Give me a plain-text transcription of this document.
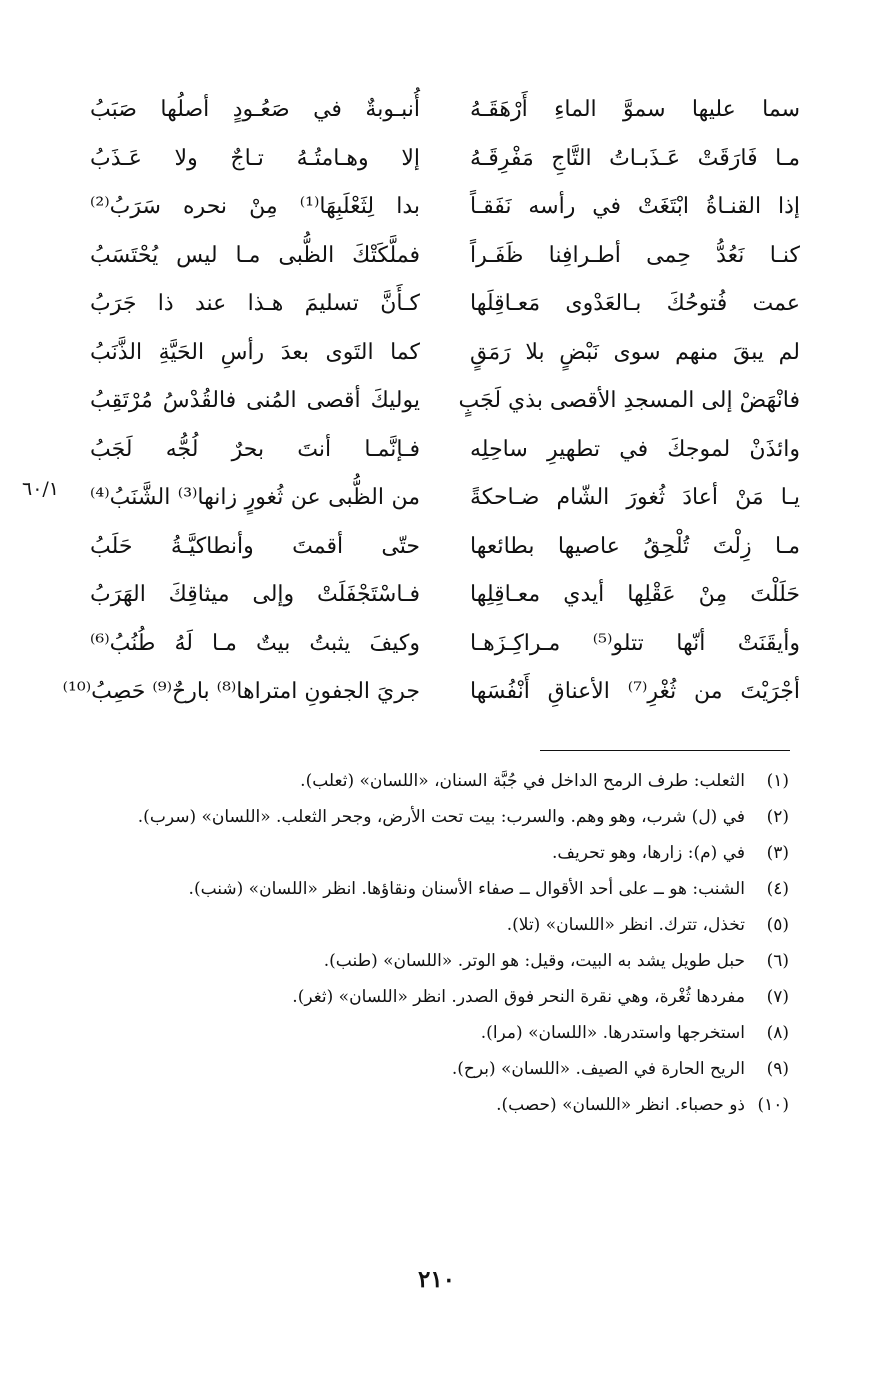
سما عليها سموَّ الماءِ أَرْهَقَـهُ
مـا فَارَقَتْ عَـذَبـاتُ التَّاجِ مَفْرِقَـهُ
إذا القنـاةُ ابْتَغَتْ في رأسه نَفَقـاً
كنـا نَعُدُّ حِمى أطـرافِنا ظَفَـراً
عمت فُتوحُكَ بـالعَدْوى مَعـاقِلَها
لم يبقَ منهم سوى نَبْضٍ بلا رَمَقٍ
فانْهَضْ إلى المسجدِ الأقصى بذي لَجَبٍ
وائذَنْ لموجكَ في تطهيرِ ساحِلِه
يـا مَنْ أعادَ ثُغورَ الشّام ضـاحكةً
مـا زِلْتَ تُلْحِقُ عاصيها بطائعها
حَلَلْتَ مِنْ عَقْلِها أيدي معـاقِلِها
وأيقَنَتْ أنّها تتلو⁽⁵⁾ مـراكِـزَهـا
أجْرَيْتَ من ثُغْرِ⁽⁷⁾ الأعناقِ أَنْفُسَها
أُنبـوبةٌ في صَعُـودٍ أصلُها صَبَبُ
إلا وهـامتُـهُ تـاجٌ ولا عَـذَبُ
بدا لِثَعْلَبِهَا⁽¹⁾ مِنْ نحره سَرَبُ⁽²⁾
فملَّكَتْكَ الظُّبى مـا ليس يُحْتَسَبُ
كـأَنَّ تسليمَ هـذا عند ذا جَرَبُ
كما التَوى بعدَ رأسِ الحَيَّةِ الذَّنَبُ
يوليكَ أقصى المُنى فالقُدْسُ مُرْتَقِبُ
فـإنَّمـا أنتَ بحرٌ لُجُّه لَجَبُ
من الظُّبى عن ثُغورٍ زانها⁽³⁾ الشَّنَبُ⁽⁴⁾
حتّى أقمتَ وأنطاكيَّـةُ حَلَبُ
فـاسْتَجْفَلَتْ وإلى ميثاقِكَ الهَرَبُ
وكيفَ يثبتُ بيتٌ مـا لَهُ طُنُبُ⁽⁶⁾
جريَ الجفونِ امتراها⁽⁸⁾ بارحٌ⁽⁹⁾ حَصِبُ⁽¹⁰⁾
٦٠/١
(١)
الثعلب: طرف الرمح الداخل في جُبَّة السنان، «اللسان» (ثعلب).
(٢)
في (ل) شرب، وهو وهم. والسرب: بيت تحت الأرض، وجحر الثعلب. «اللسان» (سرب).
(٣)
في (م): زارها، وهو تحريف.
(٤)
الشنب: هو ــ على أحد الأقوال ــ صفاء الأسنان ونقاؤها. انظر «اللسان» (شنب).
(٥)
تخذل، تترك. انظر «اللسان» (تلا).
(٦)
حبل طويل يشد به البيت، وقيل: هو الوتر. «اللسان» (طنب).
(٧)
مفردها ثُغْرة، وهي نقرة النحر فوق الصدر. انظر «اللسان» (ثغر).
(٨)
استخرجها واستدرها. «اللسان» (مرا).
(٩)
الريح الحارة في الصيف. «اللسان» (برح).
(١٠)
ذو حصباء. انظر «اللسان» (حصب).
٢١٠
